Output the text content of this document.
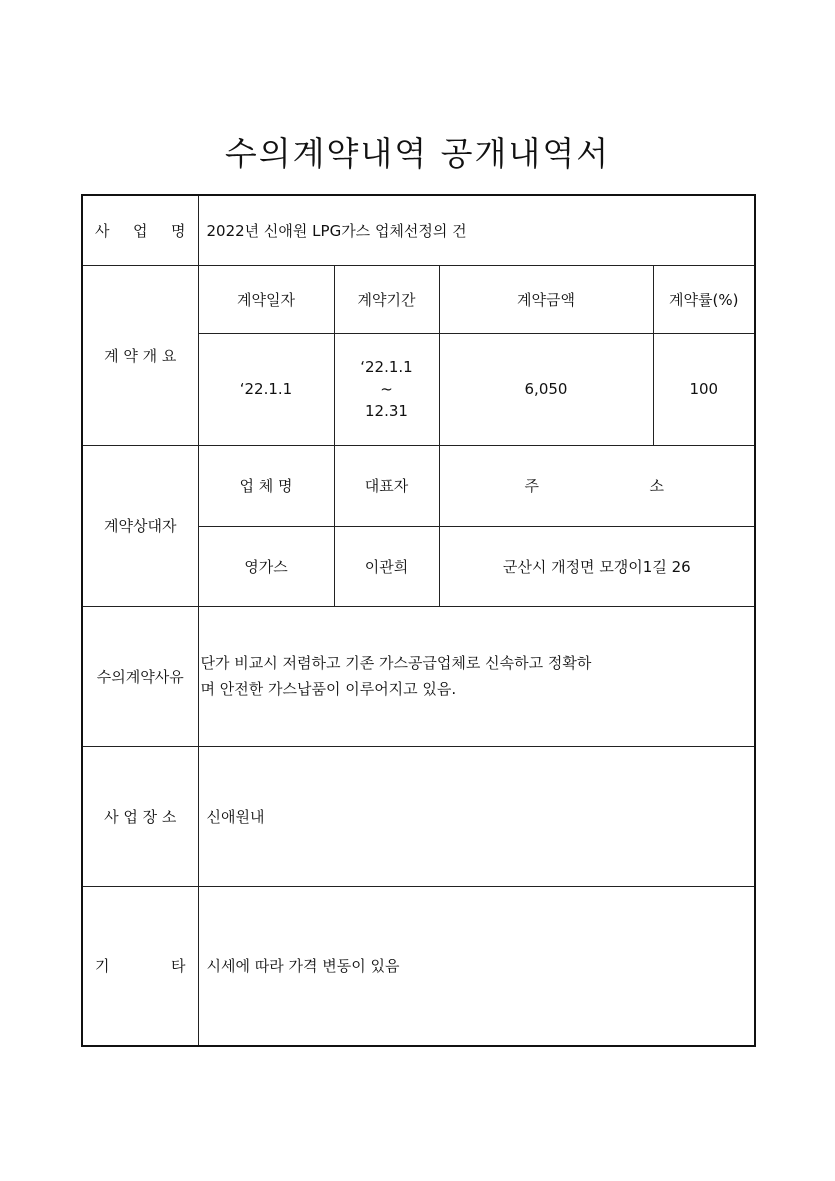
수의계약내역 공개내역서
사 업 명	2022년 신애원 LPG가스 업체선정의 건			
계 약 개 요	계약일자	계약기간	계약금액	계약률(%)
	‘22.1.1	‘22.1.1
~
12.31	6,050	100
계약상대자	업 체 명	대표자	주 소	

	영가스	이관희	군산시 개정면 모갱이1길 26	
수의계약사유	단가 비교시 저렴하고 기존 가스공급업체로 신속하고 정확하
며 안전한 가스납품이 이루어지고 있음.			

사 업 장 소	신애원내			

기 타	시세에 따라 가격 변동이 있음			
